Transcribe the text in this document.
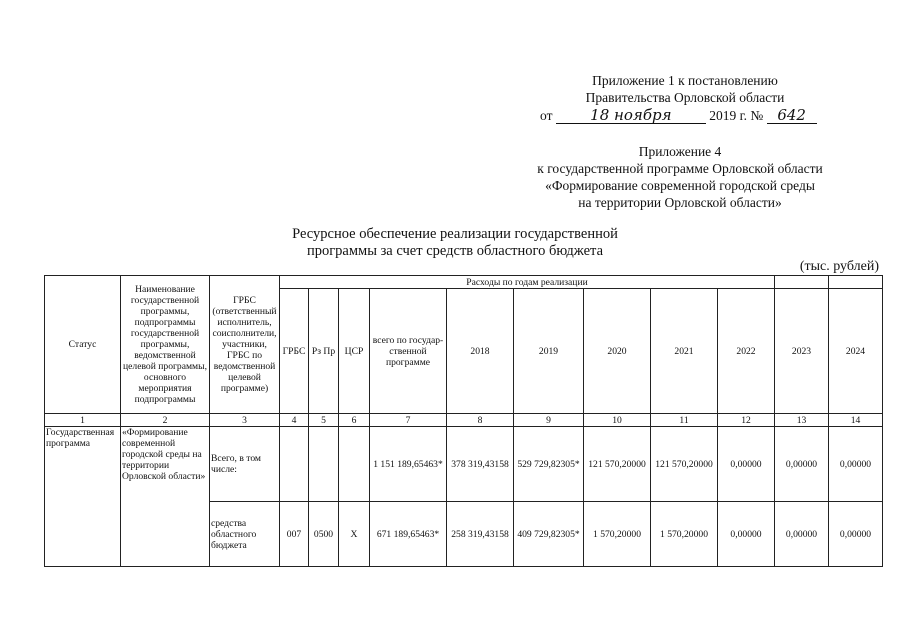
Приложение 1 к постановлению
Правительства Орловской области
от	18 ноября	2019 г. № 642
Приложение 4
к государственной программе Орловской области
«Формирование современной городской среды
на территории Орловской области»
Ресурсное обеспечение реализации государственной
программы за счет средств областного бюджета
(тыс. рублей)
Статус	Наименование государственной программы, подпрограммы государственной программы, ведомственной целевой программы, основного мероприятия подпрограммы	ГРБС (ответственный исполнитель, соисполнители, участники, ГРБС по ведомственной целевой программе)	Расходы по годам реализации										
			ГРБС	Рз Пр	ЦСР	всего по государ-ственной программе	2018	2019	2020	2021	2022	2023	2024
1	2	3	4	5	6	7	8	9	10	11	12	13	14
Государственная программа	«Формирование современной городской среды на территории Орловской области»	Всего, в том числе:				1 151 189,65463*	378 319,43158	529 729,82305*	121 570,20000	121 570,20000	0,00000	0,00000	0,00000
		средства областного бюджета	007	0500	Х	671 189,65463*	258 319,43158	409 729,82305*	1 570,20000	1 570,20000	0,00000	0,00000	0,00000
